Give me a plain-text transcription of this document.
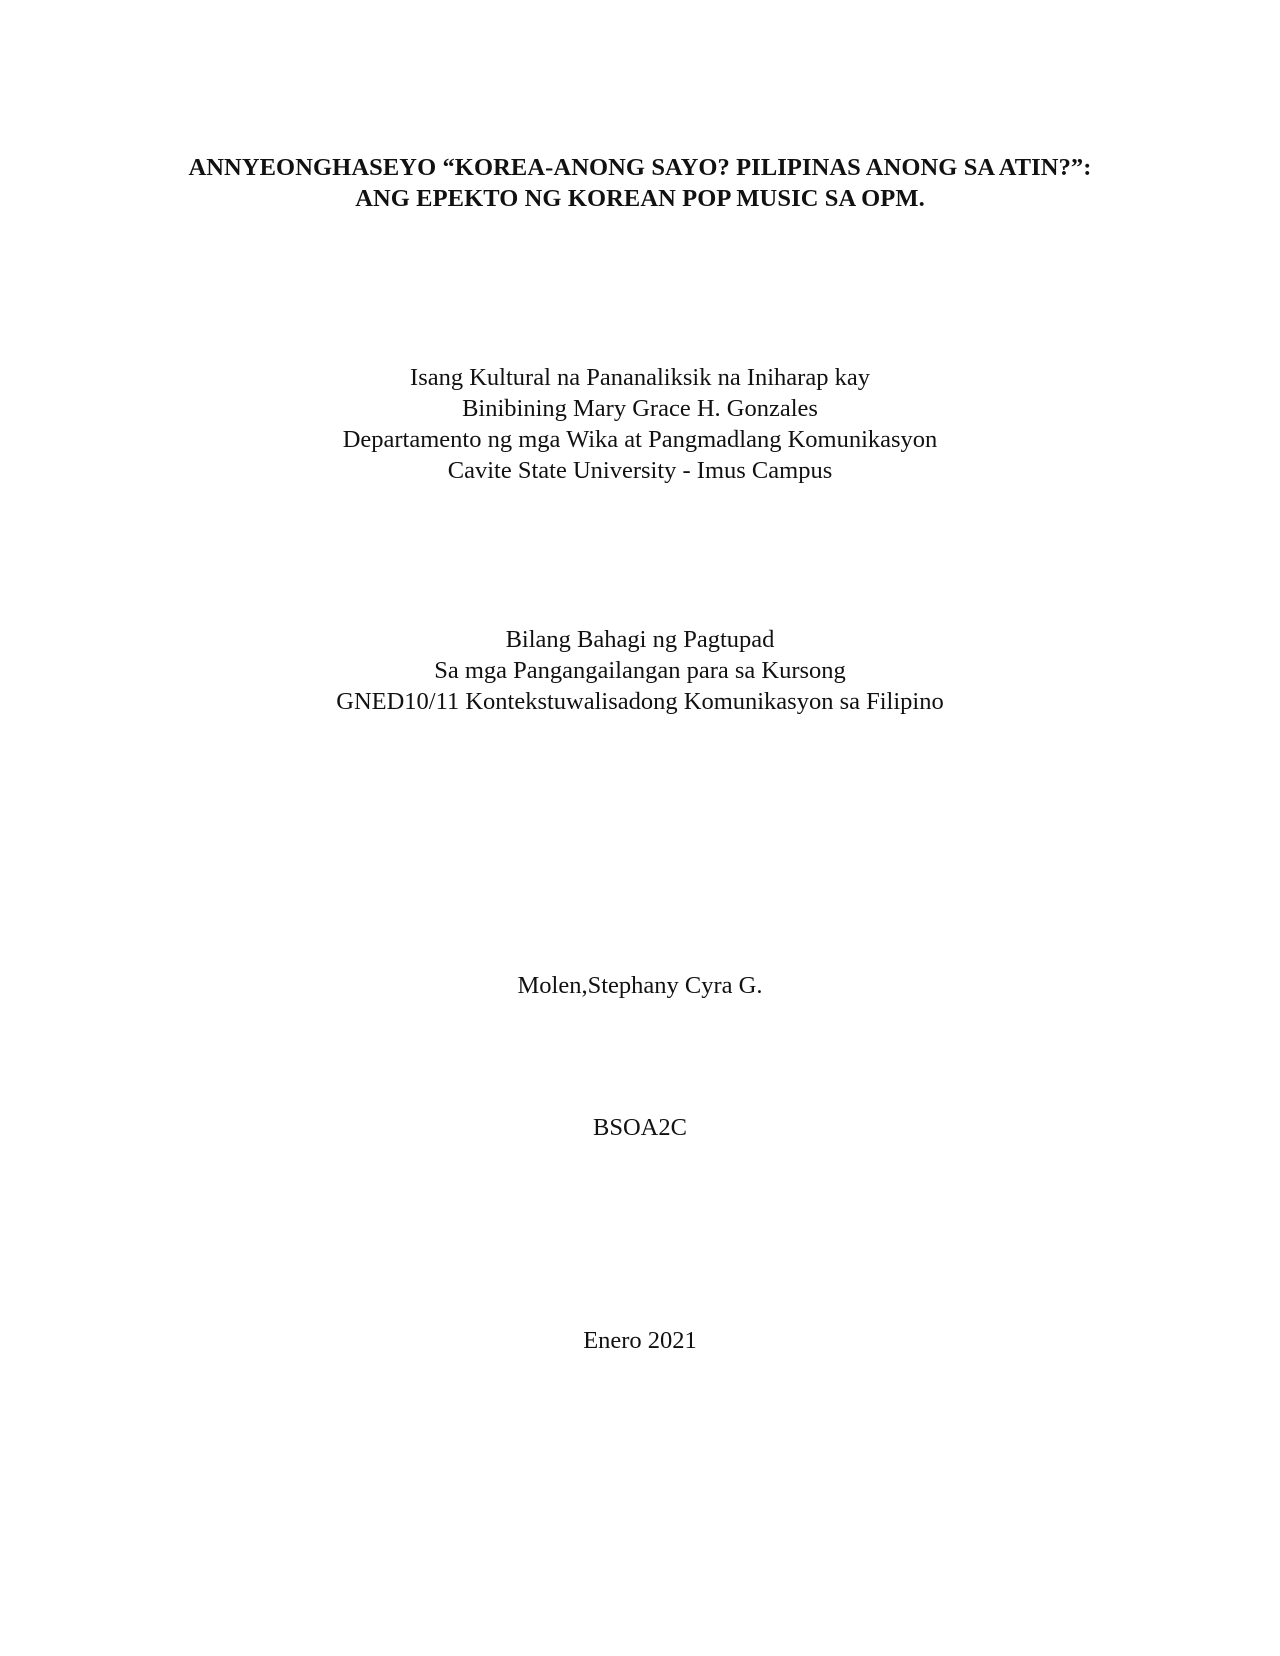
ANNYEONGHASEYO “KOREA-ANONG SAYO? PILIPINAS ANONG SA ATIN?”:
ANG EPEKTO NG KOREAN POP MUSIC SA OPM.
Isang Kultural na Pananaliksik na Iniharap kay
Binibining Mary Grace H. Gonzales
Departamento ng mga Wika at Pangmadlang Komunikasyon
Cavite State University - Imus Campus
Bilang Bahagi ng Pagtupad
Sa mga Pangangailangan para sa Kursong
GNED10/11 Kontekstuwalisadong Komunikasyon sa Filipino
Molen,Stephany Cyra G.
BSOA2C
Enero 2021
